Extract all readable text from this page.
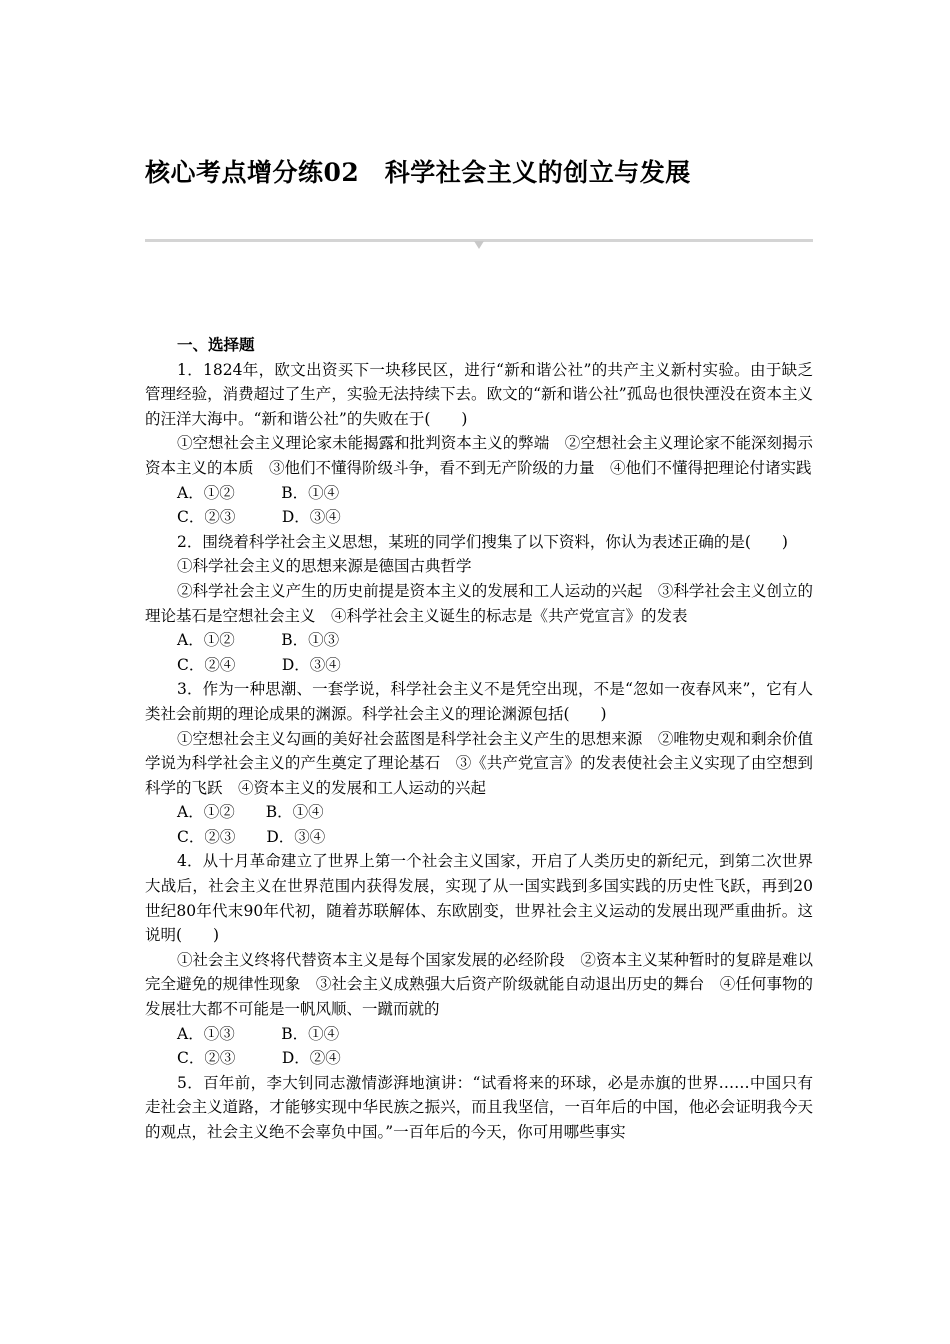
核心考点增分练02　科学社会主义的创立与发展

一、选择题

1．1824年，欧文出资买下一块移民区，进行“新和谐公社”的共产主义新村实验。由于缺乏管理经验，消费超过了生产，实验无法持续下去。欧文的“新和谐公社”孤岛也很快湮没在资本主义的汪洋大海中。“新和谐公社”的失败在于(　　)

①空想社会主义理论家未能揭露和批判资本主义的弊端　②空想社会主义理论家不能深刻揭示资本主义的本质　③他们不懂得阶级斗争，看不到无产阶级的力量　④他们不懂得把理论付诸实践

A．①②　　　B．①④

C．②③　　　D．③④

2．围绕着科学社会主义思想，某班的同学们搜集了以下资料，你认为表述正确的是(　　)

①科学社会主义的思想来源是德国古典哲学

②科学社会主义产生的历史前提是资本主义的发展和工人运动的兴起　③科学社会主义创立的理论基石是空想社会主义　④科学社会主义诞生的标志是《共产党宣言》的发表

A．①②　　　B．①③

C．②④　　　D．③④

3．作为一种思潮、一套学说，科学社会主义不是凭空出现，不是“忽如一夜春风来”，它有人类社会前期的理论成果的渊源。科学社会主义的理论渊源包括(　　)

①空想社会主义勾画的美好社会蓝图是科学社会主义产生的思想来源　②唯物史观和剩余价值学说为科学社会主义的产生奠定了理论基石　③《共产党宣言》的发表使社会主义实现了由空想到科学的飞跃　④资本主义的发展和工人运动的兴起

A．①②　　B．①④

C．②③　　D．③④

4．从十月革命建立了世界上第一个社会主义国家，开启了人类历史的新纪元，到第二次世界大战后，社会主义在世界范围内获得发展，实现了从一国实践到多国实践的历史性飞跃，再到20世纪80年代末90年代初，随着苏联解体、东欧剧变，世界社会主义运动的发展出现严重曲折。这说明(　　)

①社会主义终将代替资本主义是每个国家发展的必经阶段　②资本主义某种暂时的复辟是难以完全避免的规律性现象　③社会主义成熟强大后资产阶级就能自动退出历史的舞台　④任何事物的发展壮大都不可能是一帆风顺、一蹴而就的

A．①③　　　B．①④

C．②③　　　D．②④

5．百年前，李大钊同志激情澎湃地演讲：“试看将来的环球，必是赤旗的世界……中国只有走社会主义道路，才能够实现中华民族之振兴，而且我坚信，一百年后的中国，他必会证明我今天的观点，社会主义绝不会辜负中国。”一百年后的今天，你可用哪些事实
